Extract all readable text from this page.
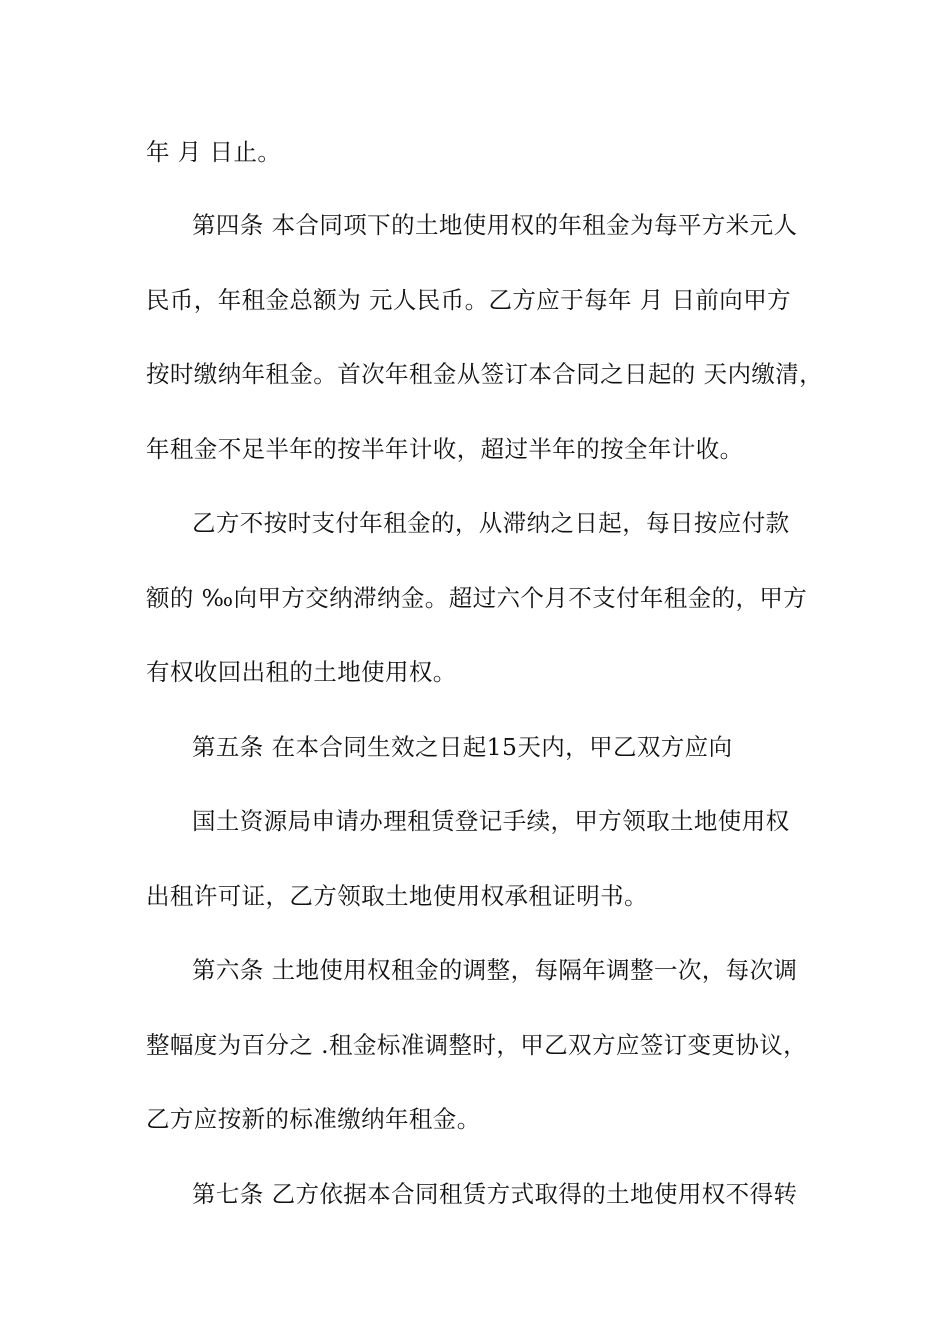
年 月 日止。
第四条 本合同项下的土地使用权的年租金为每平方米元人
民币，年租金总额为 元人民币。乙方应于每年 月 日前向甲方
按时缴纳年租金。首次年租金从签订本合同之日起的 天内缴清，
年租金不足半年的按半年计收，超过半年的按全年计收。
乙方不按时支付年租金的，从滞纳之日起，每日按应付款
额的 ‰向甲方交纳滞纳金。超过六个月不支付年租金的，甲方
有权收回出租的土地使用权。
第五条 在本合同生效之日起15天内，甲乙双方应向
国土资源局申请办理租赁登记手续，甲方领取土地使用权
出租许可证，乙方领取土地使用权承租证明书。
第六条 土地使用权租金的调整，每隔年调整一次，每次调
整幅度为百分之 .租金标准调整时，甲乙双方应签订变更协议，
乙方应按新的标准缴纳年租金。
第七条 乙方依据本合同租赁方式取得的土地使用权不得转
